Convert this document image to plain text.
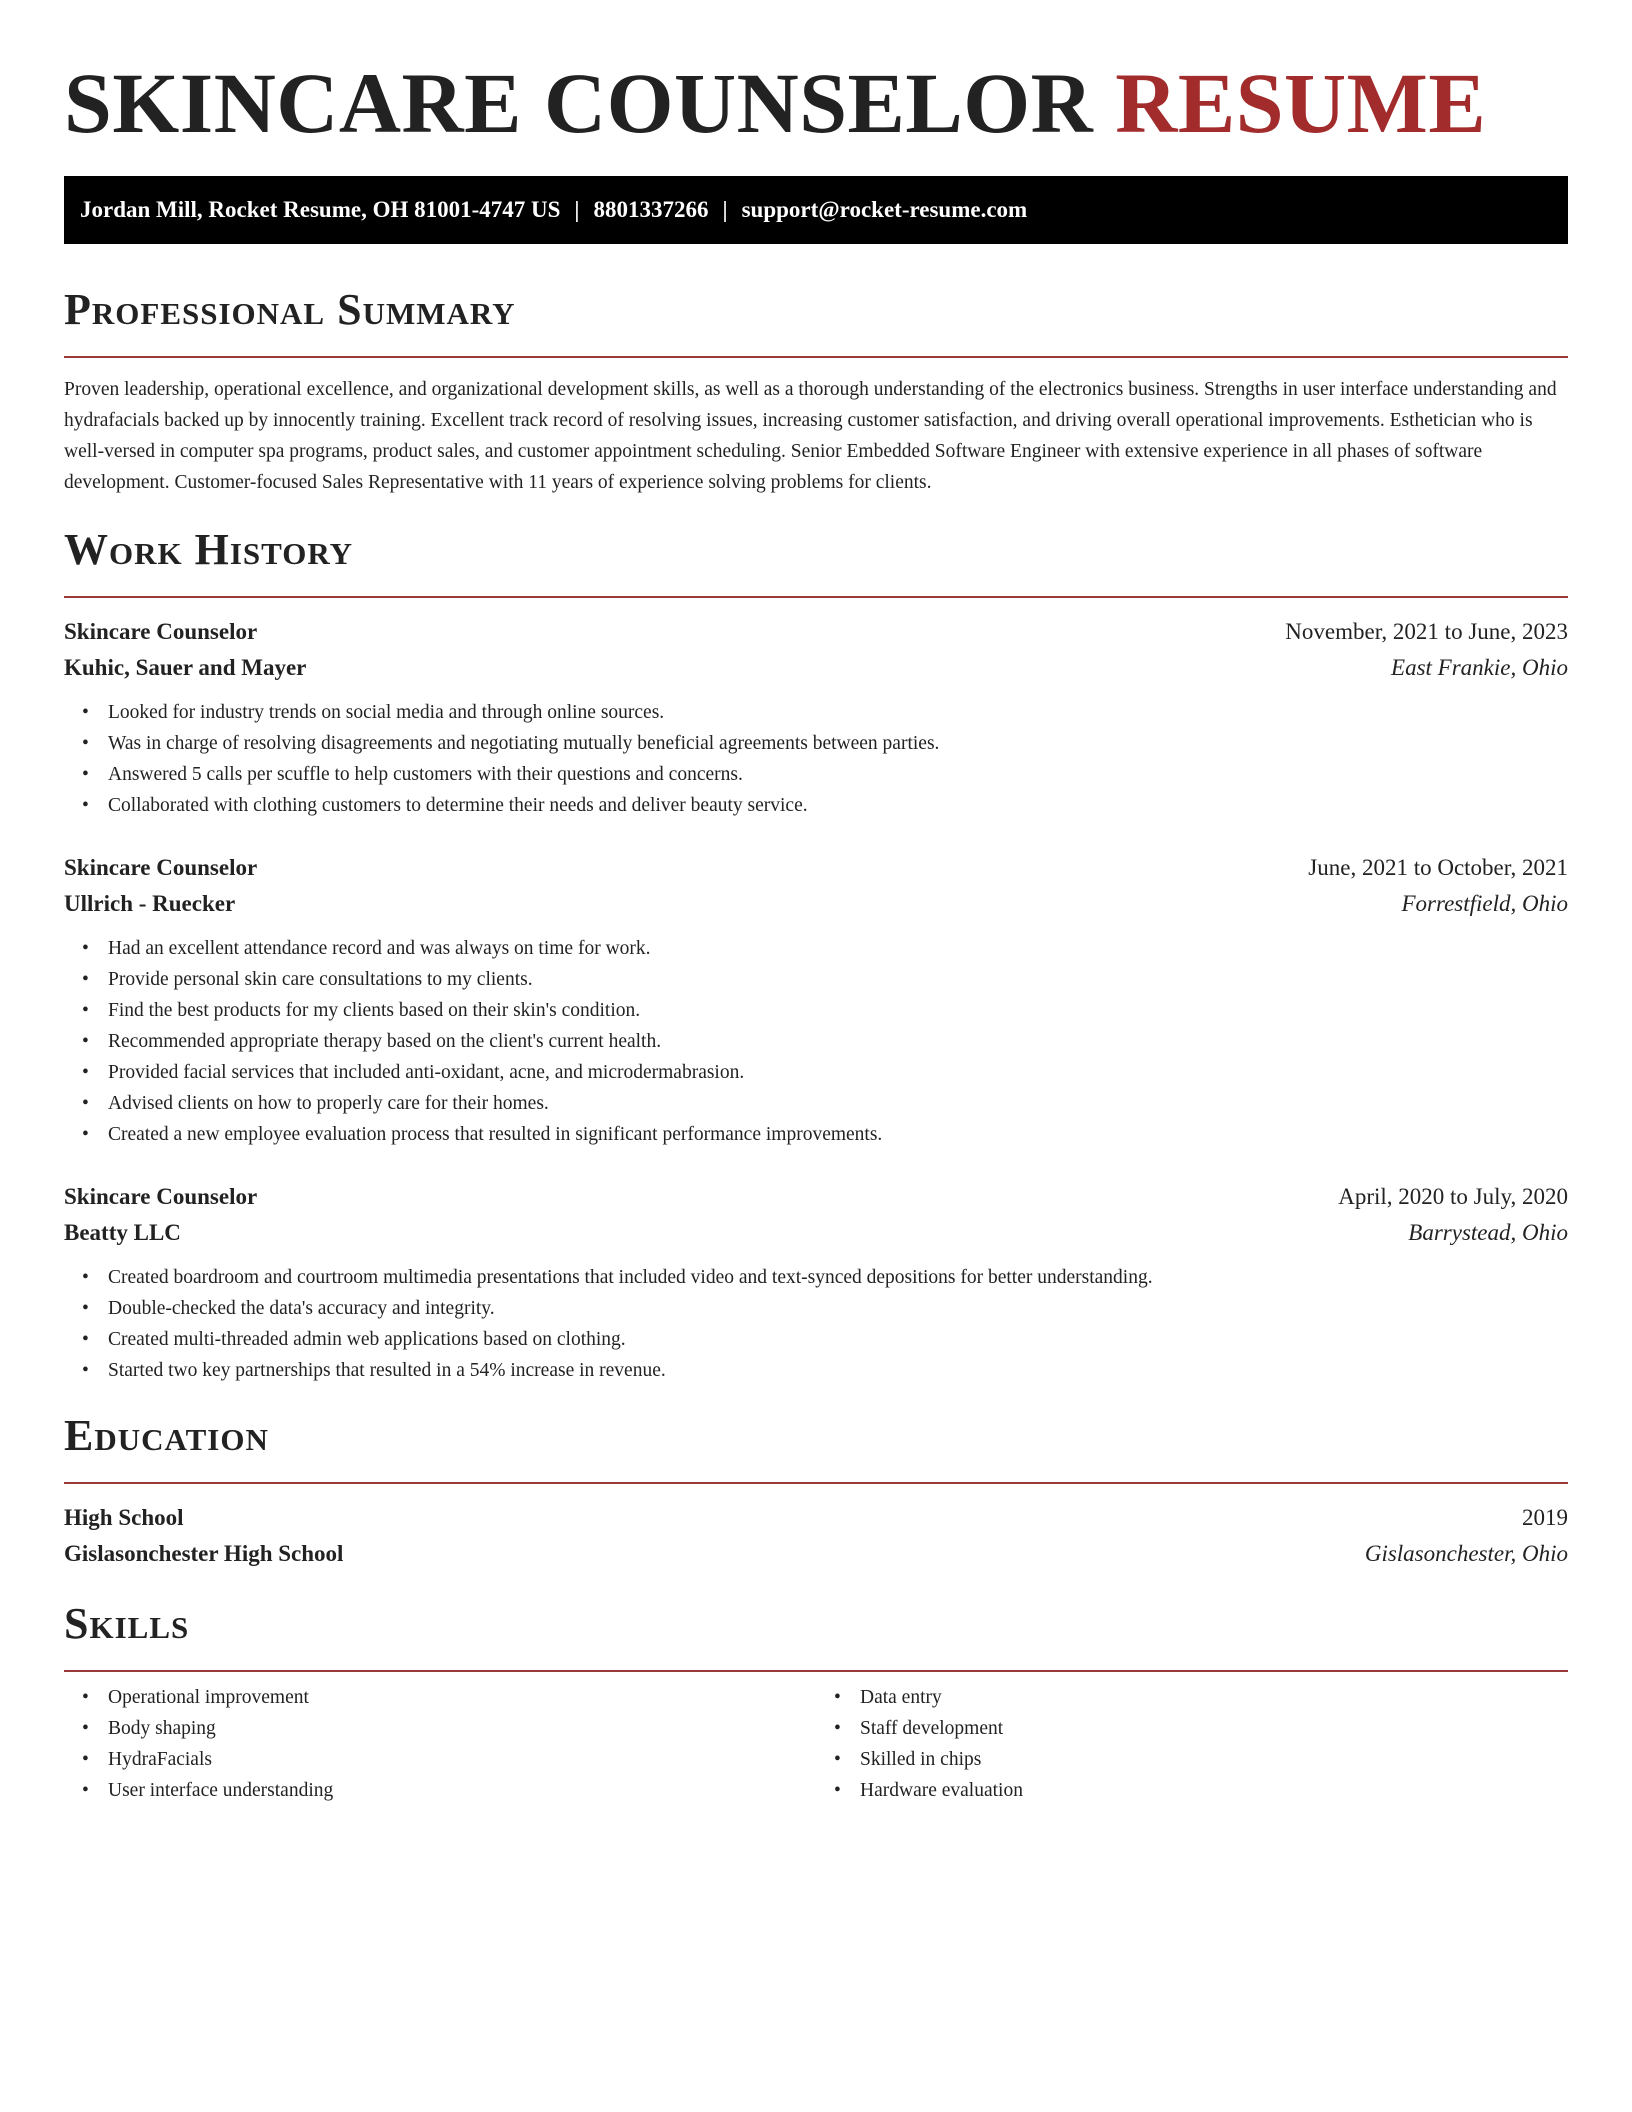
SKINCARE COUNSELOR RESUME
Jordan Mill, Rocket Resume, OH 81001-4747 US | 8801337266 | support@rocket-resume.com
Professional Summary

Proven leadership, operational excellence, and organizational development skills, as well as a thorough understanding of the electronics business. Strengths in user interface understanding and hydrafacials backed up by innocently training. Excellent track record of resolving issues, increasing customer satisfaction, and driving overall operational improvements. Esthetician who is well-versed in computer spa programs, product sales, and customer appointment scheduling. Senior Embedded Software Engineer with extensive experience in all phases of software development. Customer-focused Sales Representative with 11 years of experience solving problems for clients.

Work History
Skincare Counselor	November, 2021 to June, 2023
Kuhic, Sauer and Mayer	East Frankie, Ohio
• Looked for industry trends on social media and through online sources.
• Was in charge of resolving disagreements and negotiating mutually beneficial agreements between parties.
• Answered 5 calls per scuffle to help customers with their questions and concerns.
• Collaborated with clothing customers to determine their needs and deliver beauty service.
Skincare Counselor	June, 2021 to October, 2021
Ullrich - Ruecker	Forrestfield, Ohio
• Had an excellent attendance record and was always on time for work.
• Provide personal skin care consultations to my clients.
• Find the best products for my clients based on their skin's condition.
• Recommended appropriate therapy based on the client's current health.
• Provided facial services that included anti-oxidant, acne, and microdermabrasion.
• Advised clients on how to properly care for their homes.
• Created a new employee evaluation process that resulted in significant performance improvements.
Skincare Counselor	April, 2020 to July, 2020
Beatty LLC	Barrystead, Ohio
• Created boardroom and courtroom multimedia presentations that included video and text-synced depositions for better understanding.
• Double-checked the data's accuracy and integrity.
• Created multi-threaded admin web applications based on clothing.
• Started two key partnerships that resulted in a 54% increase in revenue.
Education
High School	2019
Gislasonchester High School	Gislasonchester, Ohio
Skills
• Operational improvement
• Body shaping
• HydraFacials
• User interface understanding
• Data entry
• Staff development
• Skilled in chips
• Hardware evaluation
